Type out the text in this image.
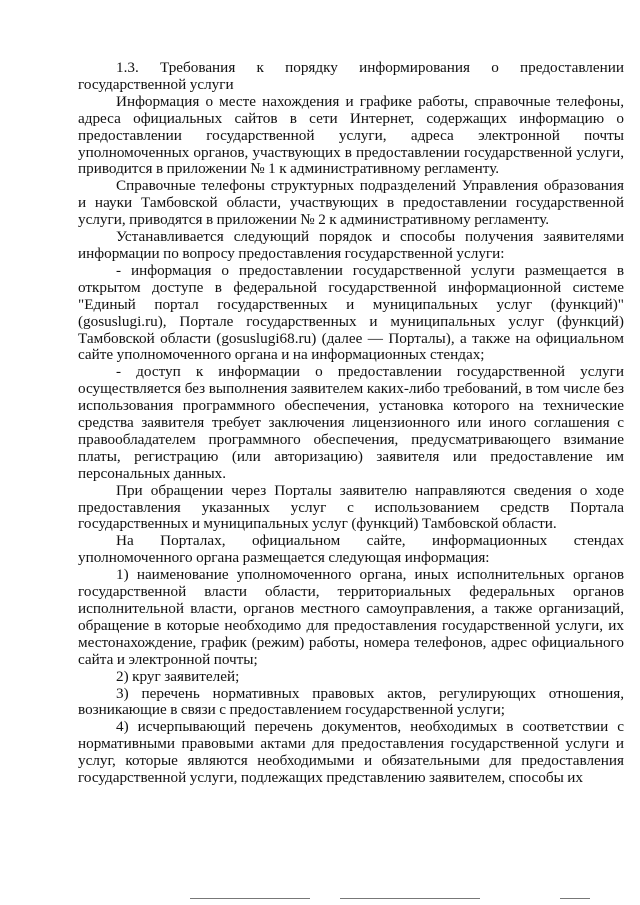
1.3. Требования к порядку информирования о предоставлении государственной услуги

Информация о месте нахождения и графике работы, справочные телефоны, адреса официальных сайтов в сети Интернет, содержащих информацию о предоставлении государственной услуги, адреса электронной почты уполномоченных органов, участвующих в предоставлении государственной услуги, приводится в приложении № 1 к административному регламенту.

Справочные телефоны структурных подразделений Управления образования и науки Тамбовской области, участвующих в предоставлении государственной услуги, приводятся в приложении № 2 к административному регламенту.

Устанавливается следующий порядок и способы получения заявителями информации по вопросу предоставления государственной услуги:

- информация о предоставлении государственной услуги размещается в открытом доступе в федеральной государственной информационной системе "Единый портал государственных и муниципальных услуг (функций)" (gosuslugi.ru), Портале государственных и муниципальных услуг (функций) Тамбовской области (gosuslugi68.ru) (далее — Порталы), а также на официальном сайте уполномоченного органа и на информационных стендах;

- доступ к информации о предоставлении государственной услуги осуществляется без выполнения заявителем каких-либо требований, в том числе без использования программного обеспечения, установка которого на технические средства заявителя требует заключения лицензионного или иного соглашения с правообладателем программного обеспечения, предусматривающего взимание платы, регистрацию (или авторизацию) заявителя или предоставление им персональных данных.

При обращении через Порталы заявителю направляются сведения о ходе предоставления указанных услуг с использованием средств Портала государственных и муниципальных услуг (функций) Тамбовской области.

На Порталах, официальном сайте, информационных стендах уполномоченного органа размещается следующая информация:

1) наименование уполномоченного органа, иных исполнительных органов государственной власти области, территориальных федеральных органов исполнительной власти, органов местного самоуправления, а также организаций, обращение в которые необходимо для предоставления государственной услуги, их местонахождение, график (режим) работы, номера телефонов, адрес официального сайта и электронной почты;

2) круг заявителей;

3) перечень нормативных правовых актов, регулирующих отношения, возникающие в связи с предоставлением государственной услуги;

4) исчерпывающий перечень документов, необходимых в соответствии с нормативными правовыми актами для предоставления государственной услуги и услуг, которые являются необходимыми и обязательными для предоставления государственной услуги, подлежащих представлению заявителем, способы их
